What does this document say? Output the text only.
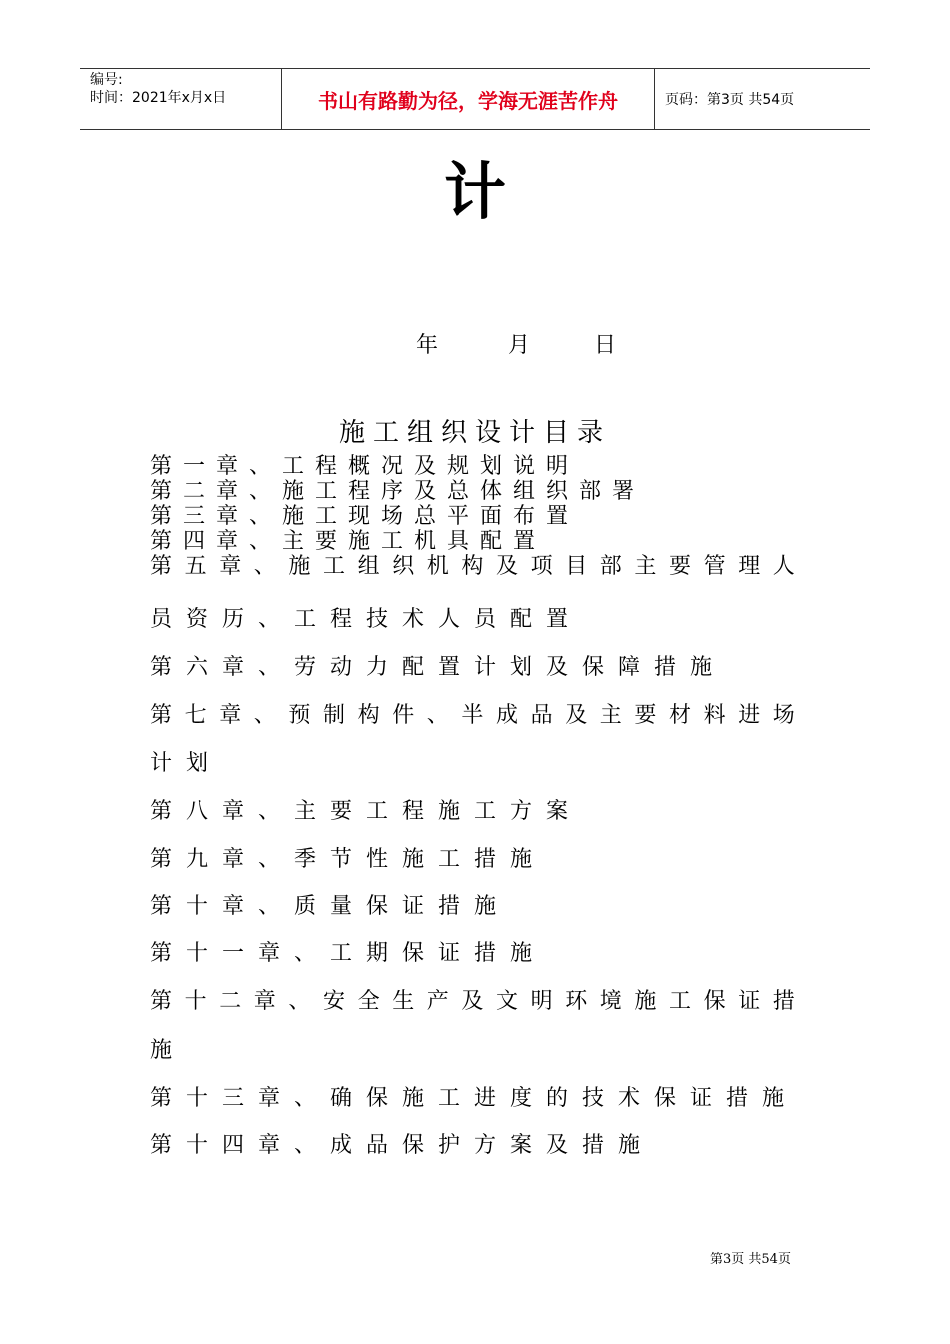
编号:
时间：2021年x月x日	书山有路勤为径，学海无涯苦作舟	页码：第3页 共54页
计
年	月	日
施工组织设计目录
第一章、工程概况及规划说明
第二章、施工程序及总体组织部署
第三章、施工现场总平面布置
第四章、主要施工机具配置
第五章、施工组织机构及项目部主要管理人
员资历、工程技术人员配置
第六章、劳动力配置计划及保障措施
第七章、预制构件、半成品及主要材料进场
计划
第八章、主要工程施工方案
第九章、季节性施工措施
第十章、质量保证措施
第十一章、工期保证措施
第十二章、安全生产及文明环境施工保证措
施
第十三章、确保施工进度的技术保证措施
第十四章、成品保护方案及措施
第3页 共54页
